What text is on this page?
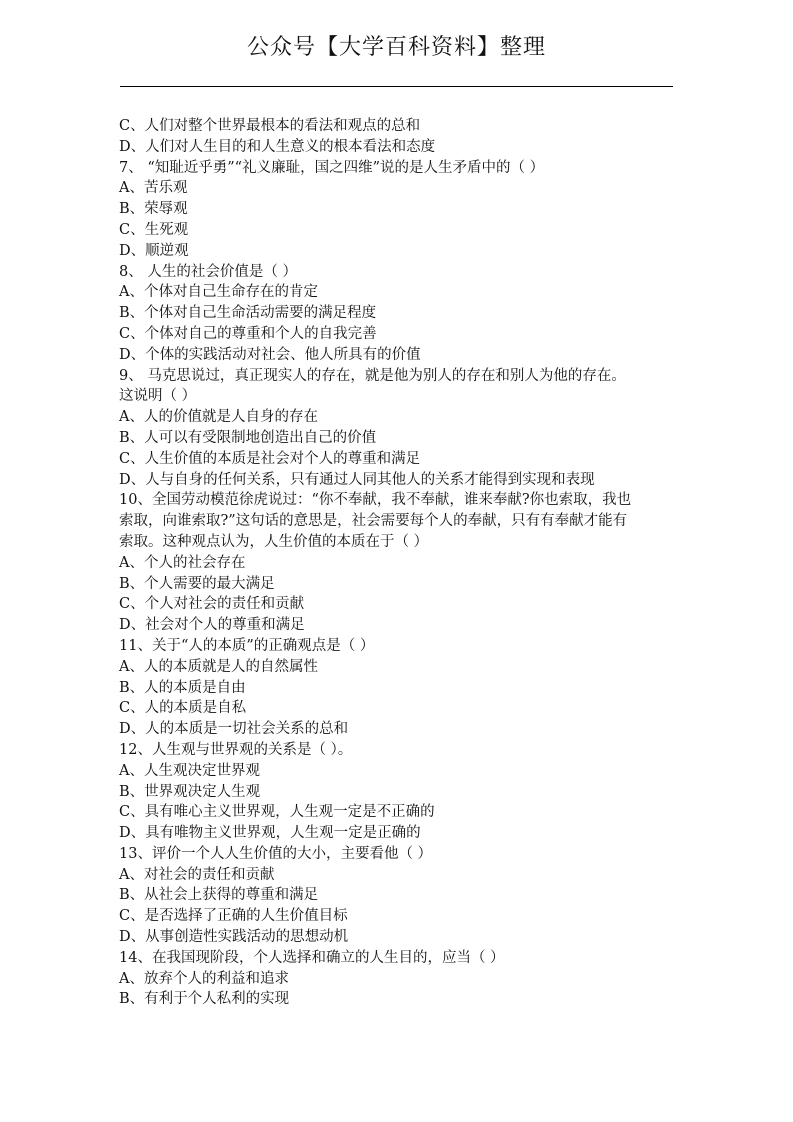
公众号【大学百科资料】整理
C、人们对整个世界最根本的看法和观点的总和
D、人们对人生目的和人生意义的根本看法和态度
7、 “知耻近乎勇”“礼义廉耻，国之四维”说的是人生矛盾中的（ ）
A、苦乐观
B、荣辱观
C、生死观
D、顺逆观
8、 人生的社会价值是（ ）
A、个体对自己生命存在的肯定
B、个体对自己生命活动需要的满足程度
C、个体对自己的尊重和个人的自我完善
D、个体的实践活动对社会、他人所具有的价值
9、 马克思说过，真正现实人的存在，就是他为别人的存在和别人为他的存在。
这说明（ ）
A、人的价值就是人自身的存在
B、人可以有受限制地创造出自己的价值
C、人生价值的本质是社会对个人的尊重和满足
D、人与自身的任何关系，只有通过人同其他人的关系才能得到实现和表现
10、全国劳动模范徐虎说过：“你不奉献，我不奉献，谁来奉献?你也索取，我也
索取，向谁索取?”这句话的意思是，社会需要每个人的奉献，只有有奉献才能有
索取。这种观点认为，人生价值的本质在于（ ）
A、个人的社会存在
B、个人需要的最大满足
C、个人对社会的责任和贡献
D、社会对个人的尊重和满足
11、关于“人的本质”的正确观点是（ ）
A、人的本质就是人的自然属性
B、人的本质是自由
C、人的本质是自私
D、人的本质是一切社会关系的总和
12、人生观与世界观的关系是（ ）。
A、人生观决定世界观
B、世界观决定人生观
C、具有唯心主义世界观，人生观一定是不正确的
D、具有唯物主义世界观，人生观一定是正确的
13、评价一个人人生价值的大小，主要看他（ ）
A、对社会的责任和贡献
B、从社会上获得的尊重和满足
C、是否选择了正确的人生价值目标
D、从事创造性实践活动的思想动机
14、在我国现阶段，个人选择和确立的人生目的，应当（ ）
A、放弃个人的利益和追求
B、有利于个人私利的实现
